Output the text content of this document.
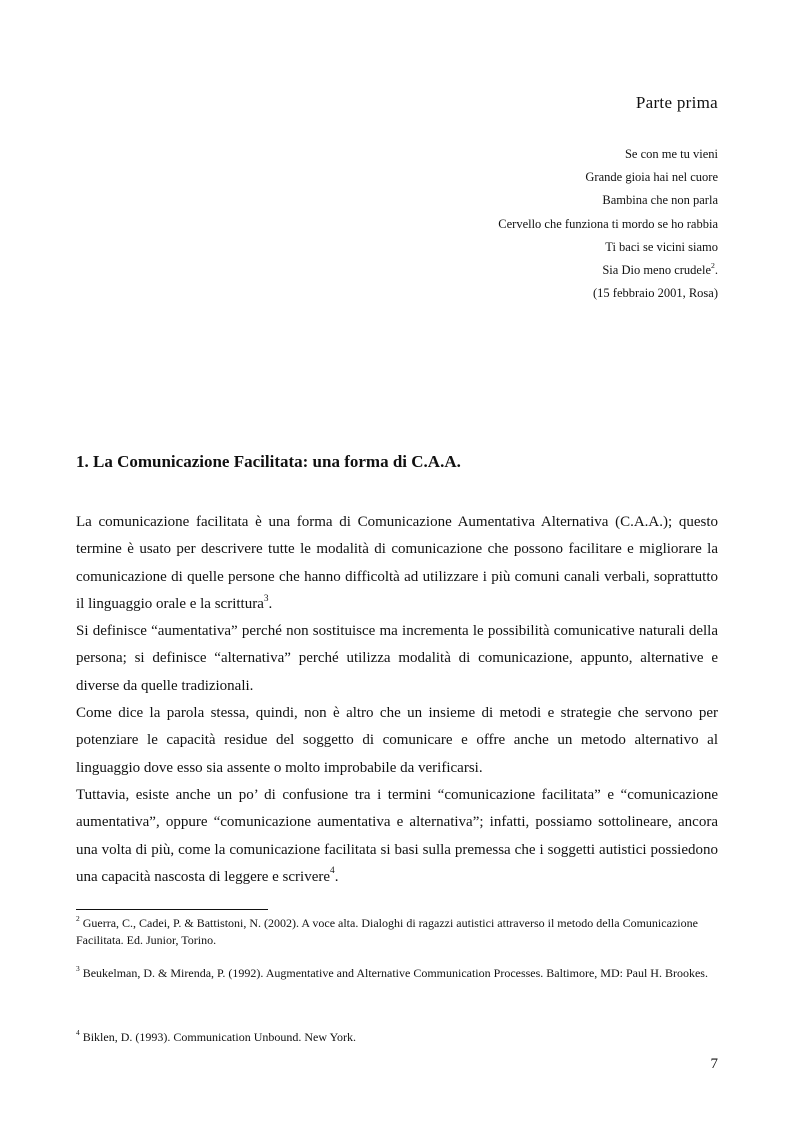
Parte prima
Se con me tu vieni
Grande gioia hai nel cuore
Bambina che non parla
Cervello che funziona ti mordo se ho rabbia
Ti baci se vicini siamo
Sia Dio meno crudele$^2$.
(15 febbraio 2001, Rosa)
1. La Comunicazione Facilitata: una forma di C.A.A.

La comunicazione facilitata è una forma di Comunicazione Aumentativa Alternativa (C.A.A.); questo termine è usato per descrivere tutte le modalità di comunicazione che possono facilitare e migliorare la comunicazione di quelle persone che hanno difficoltà ad utilizzare i più comuni canali verbali, soprattutto il linguaggio orale e la scrittura$^3$.

Si definisce “aumentativa” perché non sostituisce ma incrementa le possibilità comunicative naturali della persona; si definisce “alternativa” perché utilizza modalità di comunicazione, appunto, alternative e diverse da quelle tradizionali.

Come dice la parola stessa, quindi, non è altro che un insieme di metodi e strategie che servono per potenziare le capacità residue del soggetto di comunicare e offre anche un metodo alternativo al linguaggio dove esso sia assente o molto improbabile da verificarsi.

Tuttavia, esiste anche un po’ di confusione tra i termini “comunicazione facilitata” e “comunicazione aumentativa”, oppure “comunicazione aumentativa e alternativa”; infatti, possiamo sottolineare, ancora una volta di più, come la comunicazione facilitata si basi sulla premessa che i soggetti autistici possiedono una capacità nascosta di leggere e scrivere$^4$.

$^2$ Guerra, C., Cadei, P. & Battistoni, N. (2002). A voce alta. Dialoghi di ragazzi autistici attraverso il metodo della Comunicazione Facilitata. Ed. Junior, Torino.

$^3$ Beukelman, D. & Mirenda, P. (1992). Augmentative and Alternative Communication Processes. Baltimore, MD: Paul H. Brookes.

$^4$ Biklen, D. (1993). Communication Unbound. New York.

7
